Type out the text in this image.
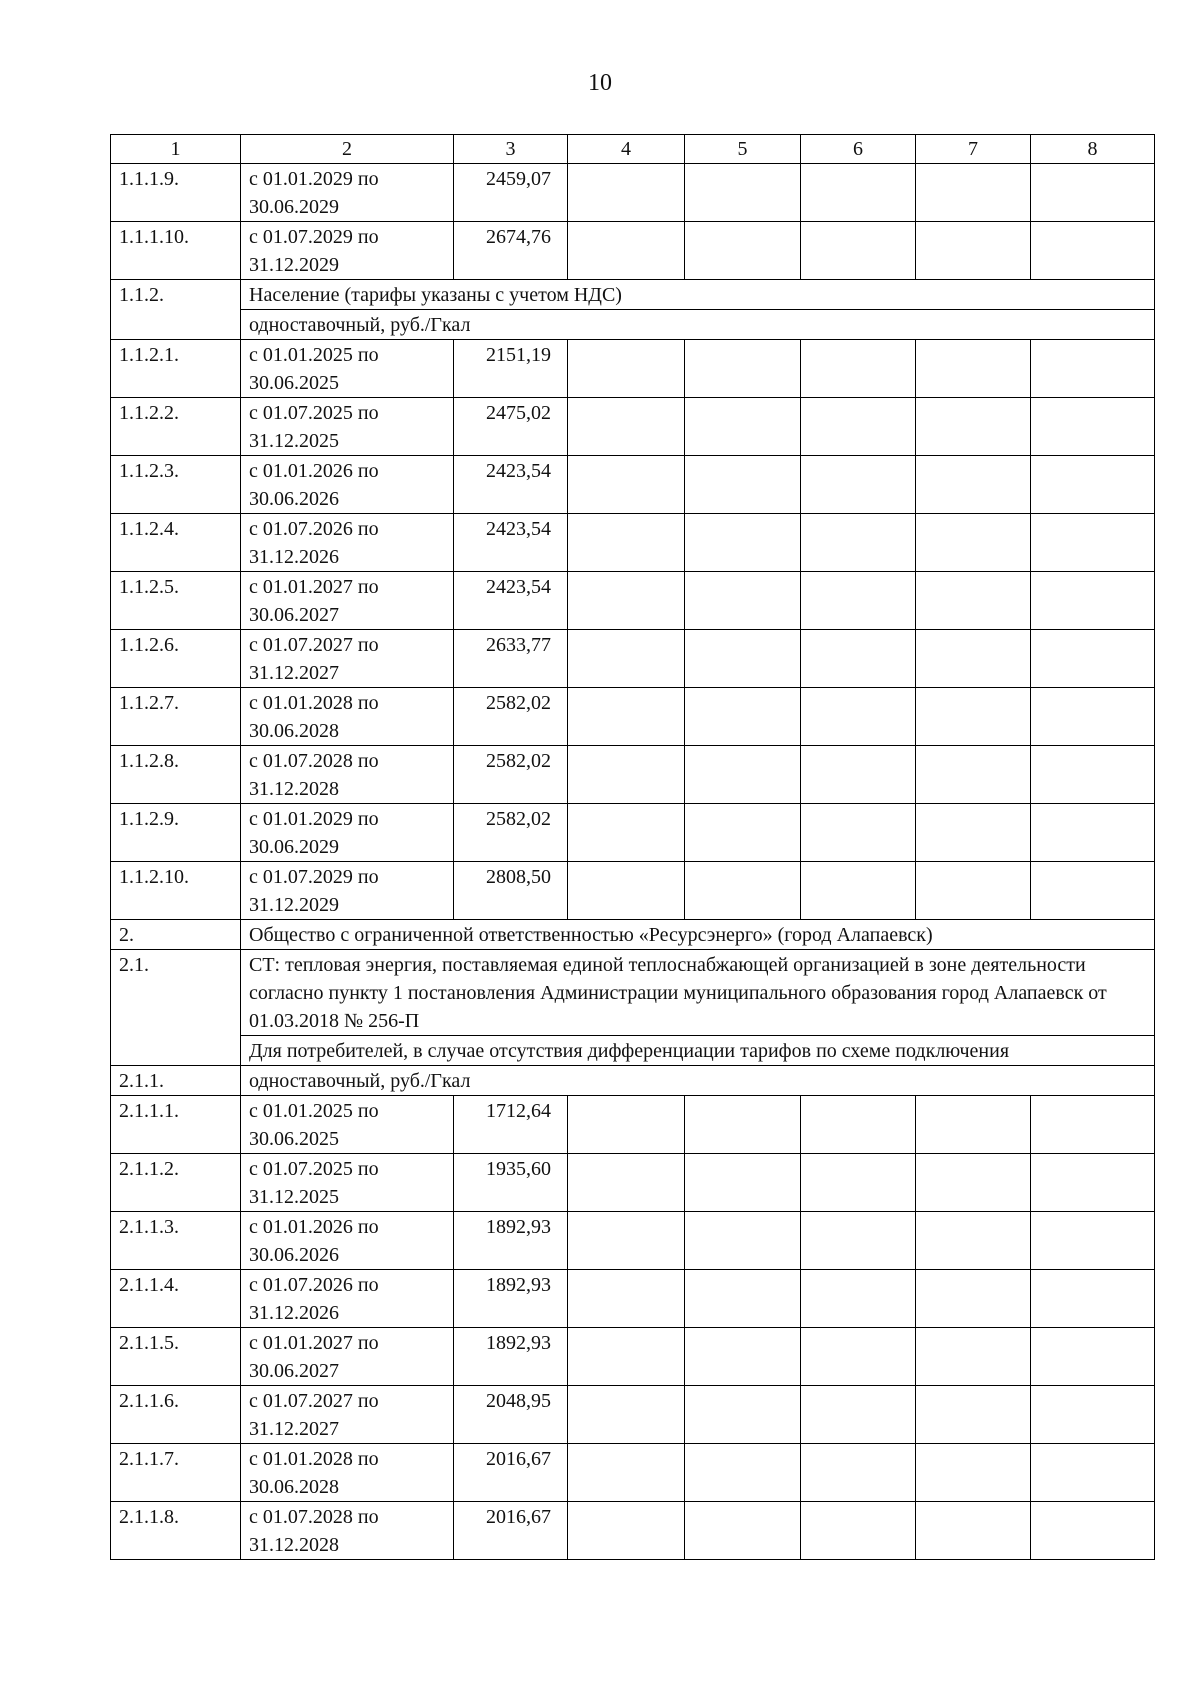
10
1	2	3	4	5	6	7	8
1.1.1.9.	с 01.01.2029 по
30.06.2029	2459,07					
1.1.1.10.	с 01.07.2029 по
31.12.2029	2674,76					
1.1.2.	Население (тарифы указаны с учетом НДС)						
	одноставочный, руб./Гкал						
1.1.2.1.	с 01.01.2025 по
30.06.2025	2151,19					
1.1.2.2.	с 01.07.2025 по
31.12.2025	2475,02					
1.1.2.3.	с 01.01.2026 по
30.06.2026	2423,54					
1.1.2.4.	с 01.07.2026 по
31.12.2026	2423,54					
1.1.2.5.	с 01.01.2027 по
30.06.2027	2423,54					
1.1.2.6.	с 01.07.2027 по
31.12.2027	2633,77					
1.1.2.7.	с 01.01.2028 по
30.06.2028	2582,02					
1.1.2.8.	с 01.07.2028 по
31.12.2028	2582,02					
1.1.2.9.	с 01.01.2029 по
30.06.2029	2582,02					
1.1.2.10.	с 01.07.2029 по
31.12.2029	2808,50					
2.	Общество с ограниченной ответственностью «Ресурсэнерго» (город Алапаевск)						
2.1.	СТ: тепловая энергия, поставляемая единой теплоснабжающей организацией в зоне деятельности согласно пункту 1 постановления Администрации муниципального образования город Алапаевск от 01.03.2018 № 256-П						
	Для потребителей, в случае отсутствия дифференциации тарифов по схеме подключения						
2.1.1.	одноставочный, руб./Гкал						
2.1.1.1.	с 01.01.2025 по
30.06.2025	1712,64					
2.1.1.2.	с 01.07.2025 по
31.12.2025	1935,60					
2.1.1.3.	с 01.01.2026 по
30.06.2026	1892,93					
2.1.1.4.	с 01.07.2026 по
31.12.2026	1892,93					
2.1.1.5.	с 01.01.2027 по
30.06.2027	1892,93					
2.1.1.6.	с 01.07.2027 по
31.12.2027	2048,95					
2.1.1.7.	с 01.01.2028 по
30.06.2028	2016,67					
2.1.1.8.	с 01.07.2028 по
31.12.2028	2016,67					
